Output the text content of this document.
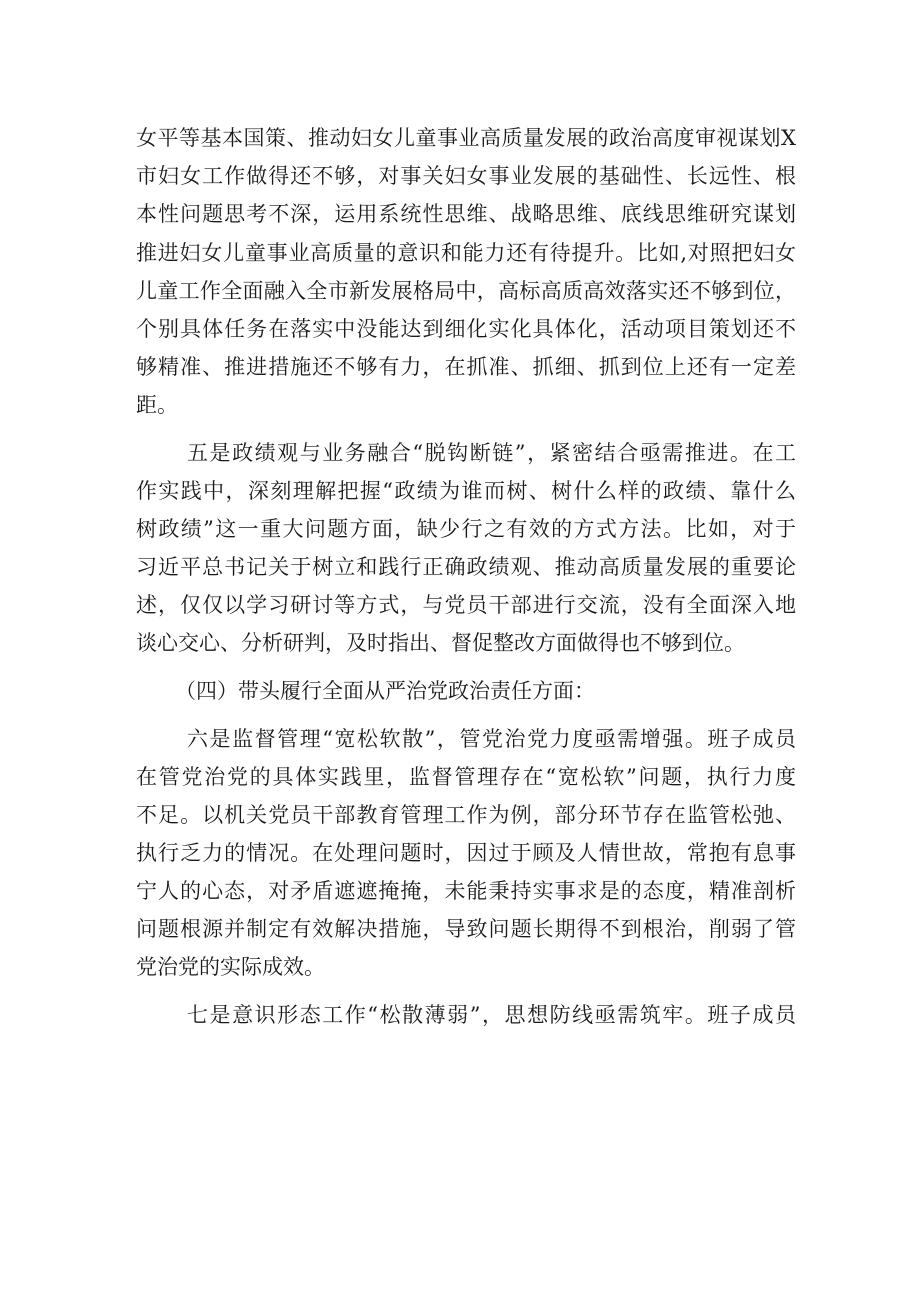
女平等基本国策、推动妇女儿童事业高质量发展的政治高度审视谋划X
市妇女工作做得还不够，对事关妇女事业发展的基础性、长远性、根
本性问题思考不深，运用系统性思维、战略思维、底线思维研究谋划
推进妇女儿童事业高质量的意识和能力还有待提升。比如,对照把妇女
儿童工作全面融入全市新发展格局中，高标高质高效落实还不够到位，
个别具体任务在落实中没能达到细化实化具体化，活动项目策划还不
够精准、推进措施还不够有力，在抓准、抓细、抓到位上还有一定差
距。
五是政绩观与业务融合“脱钩断链”，紧密结合亟需推进。在工
作实践中，深刻理解把握“政绩为谁而树、树什么样的政绩、靠什么
树政绩”这一重大问题方面，缺少行之有效的方式方法。比如，对于
习近平总书记关于树立和践行正确政绩观、推动高质量发展的重要论
述，仅仅以学习研讨等方式，与党员干部进行交流，没有全面深入地
谈心交心、分析研判，及时指出、督促整改方面做得也不够到位。
（四）带头履行全面从严治党政治责任方面：
六是监督管理“宽松软散”，管党治党力度亟需增强。班子成员
在管党治党的具体实践里，监督管理存在“宽松软”问题，执行力度
不足。以机关党员干部教育管理工作为例，部分环节存在监管松弛、
执行乏力的情况。在处理问题时，因过于顾及人情世故，常抱有息事
宁人的心态，对矛盾遮遮掩掩，未能秉持实事求是的态度，精准剖析
问题根源并制定有效解决措施，导致问题长期得不到根治，削弱了管
党治党的实际成效。
七是意识形态工作“松散薄弱”，思想防线亟需筑牢。班子成员
